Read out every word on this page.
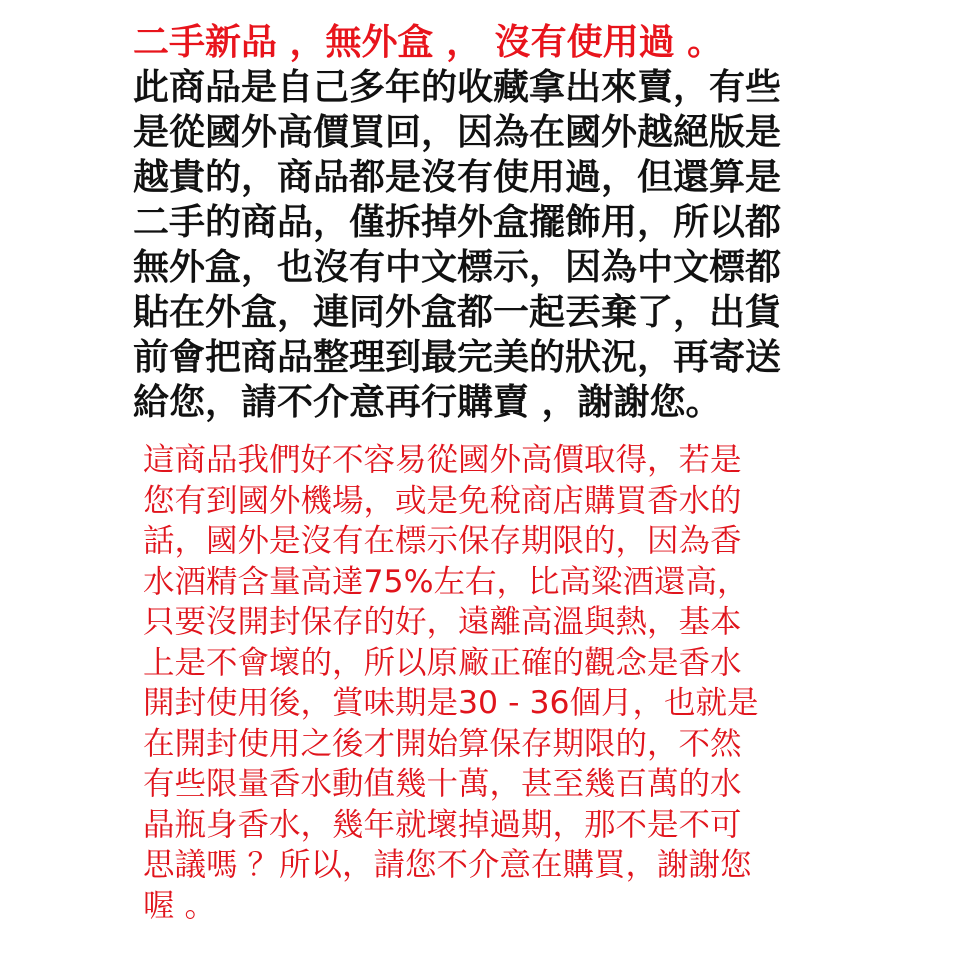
二手新品 ，無外盒 ， 沒有使用過 。
此商品是自己多年的收藏拿出來賣，有些
是從國外高價買回，因為在國外越絕版是
越貴的，商品都是沒有使用過，但還算是
二手的商品，僅拆掉外盒擺飾用，所以都
無外盒，也沒有中文標示，因為中文標都
貼在外盒，連同外盒都一起丟棄了，出貨
前會把商品整理到最完美的狀況，再寄送
給您，請不介意再行購賣 ，謝謝您。
這商品我們好不容易從國外高價取得，若是
您有到國外機場，或是免稅商店購買香水的
話，國外是沒有在標示保存期限的，因為香
水酒精含量高達75%左右，比高粱酒還高，
只要沒開封保存的好，遠離高溫與熱，基本
上是不會壞的，所以原廠正確的觀念是香水
開封使用後，賞味期是30 - 36個月，也就是
在開封使用之後才開始算保存期限的，不然
有些限量香水動值幾十萬，甚至幾百萬的水
晶瓶身香水，幾年就壞掉過期，那不是不可
思議嗎 ？所以，請您不介意在購買，謝謝您
喔 。
